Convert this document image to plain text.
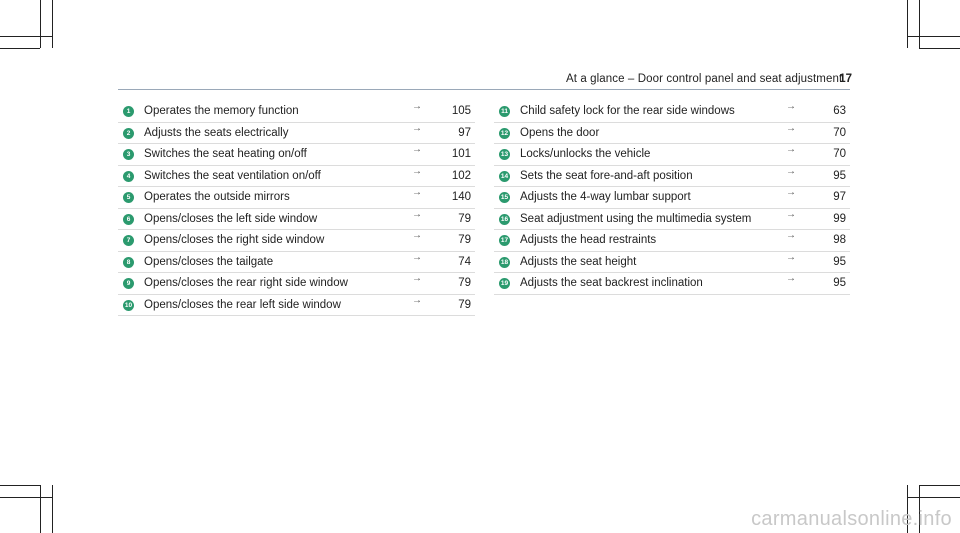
At a glance – Door control panel and seat adjustment
17
1	Operates the memory function	→	105
2	Adjusts the seats electrically	→	97
3	Switches the seat heating on/off	→	101
4	Switches the seat ventilation on/off	→	102
5	Operates the outside mirrors	→	140
6	Opens/closes the left side window	→	79
7	Opens/closes the right side window	→	79
8	Opens/closes the tailgate	→	74
9	Opens/closes the rear right side window	→	79
10 Opens/closes the rear left side window	→	79
11 Child safety lock for the rear side windows	→	63
12 Opens the door	→	70
13 Locks/unlocks the vehicle	→	70
14 Sets the seat fore-and-aft position	→	95
15 Adjusts the 4-way lumbar support	→	97
16 Seat adjustment using the multimedia system	→	99
17 Adjusts the head restraints	→	98
18 Adjusts the seat height	→	95
19 Adjusts the seat backrest inclination	→	95
carmanualsonline.info
